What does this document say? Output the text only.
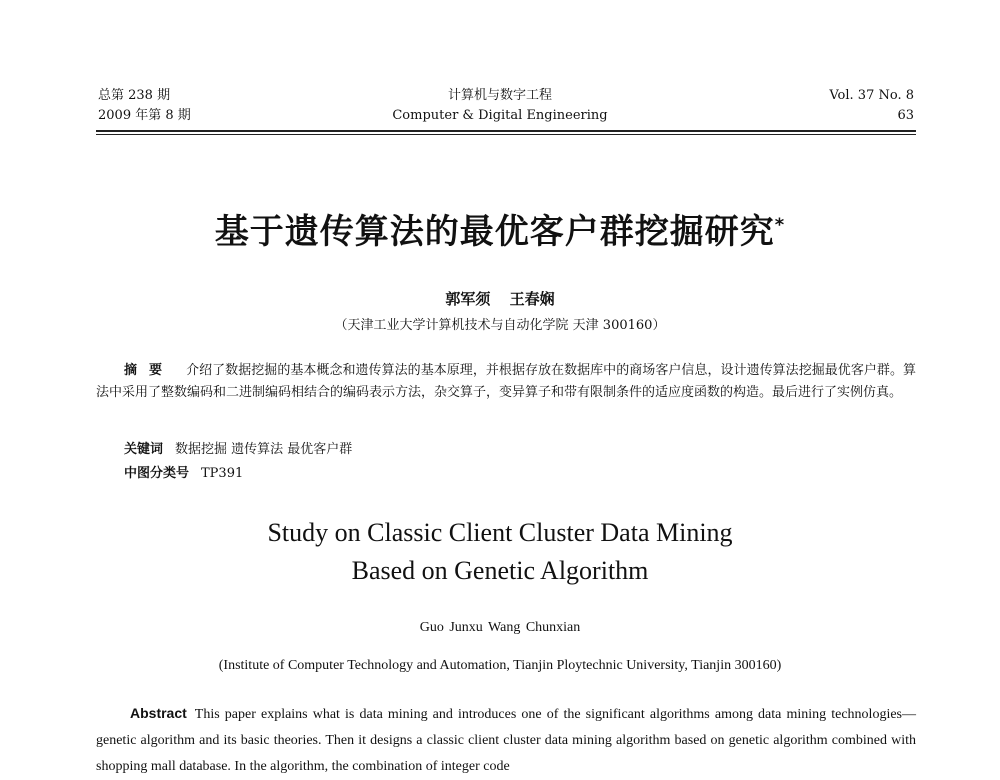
总第 238 期
2009 年第 8 期
计算机与数字工程
Computer & Digital Engineering
Vol. 37 No. 8
63
基于遗传算法的最优客户群挖掘研究*
郭军须 王春娴
（天津工业大学计算机技术与自动化学院 天津 300160）
摘要 介绍了数据挖掘的基本概念和遗传算法的基本原理，并根据存放在数据库中的商场客户信息，设计遗传算法挖掘最优客户群。算法中采用了整数编码和二进制编码相结合的编码表示方法，杂交算子，变异算子和带有限制条件的适应度函数的构造。最后进行了实例仿真。
关键词 数据挖掘 遗传算法 最优客户群
中图分类号 TP391
Study on Classic Client Cluster Data Mining
Based on Genetic Algorithm
Guo Junxu Wang Chunxian
(Institute of Computer Technology and Automation, Tianjin Ploytechnic University, Tianjin 300160)
Abstract This paper explains what is data mining and introduces one of the significant algorithms among data mining technologies—genetic algorithm and its basic theories. Then it designs a classic client cluster data mining algorithm based on genetic algorithm combined with shopping mall database. In the algorithm, the combination of integer code
